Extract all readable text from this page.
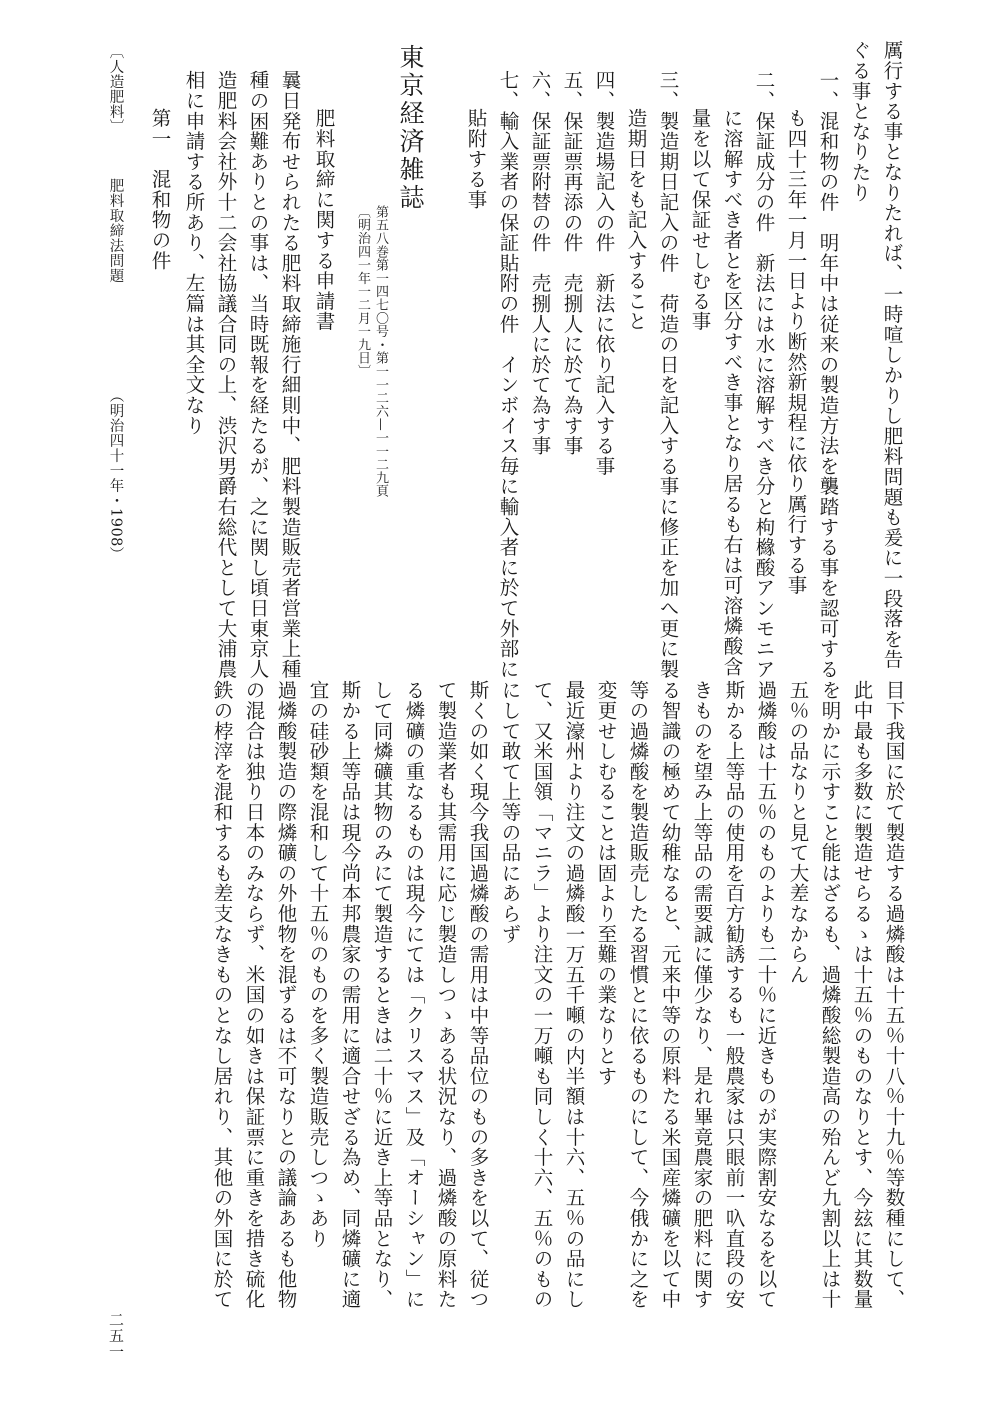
厲行する事となりたれば、一時喧しかりし肥料問題も爰に一段落を告
ぐる事となりたり
一、混和物の件　明年中は従来の製造方法を襲踏する事を認可する
も四十三年一月一日より断然新規程に依り厲行する事
二、保証成分の件　新法には水に溶解すべき分と枸櫞酸アンモニア
に溶解すべき者とを区分すべき事となり居るも右は可溶燐酸含
量を以て保証せしむる事
三、製造期日記入の件　荷造の日を記入する事に修正を加へ更に製
造期日をも記入すること
四、製造場記入の件　新法に依り記入する事
五、保証票再添の件　売捌人に於て為す事
六、保証票附替の件　売捌人に於て為す事
七、輸入業者の保証貼附の件　インボイス毎に輸入者に於て外部に
貼附する事
東京経済雑誌
第五八巻第一四七〇号・第一一二六—一一二九頁
〔明治四一年一二月一九日〕
肥料取締に関する申請書
曩日発布せられたる肥料取締施行細則中、肥料製造販売者営業上種
種の困難ありとの事は、当時既報を経たるが、之に関し頃日東京人
造肥料会社外十二会社協議合同の上、渋沢男爵右総代として大浦農
相に申請する所あり、左篇は其全文なり
第一　混和物の件
〔人造肥料〕
肥料取締法問題
（明治四十一年・1908）
目下我国に於て製造する過燐酸は十五％十八％十九％等数種にして、
此中最も多数に製造せらるゝは十五％のものなりとす、今玆に其数量
を明かに示すこと能はざるも、過燐酸総製造高の殆んど九割以上は十
五％の品なりと見て大差なからん
過燐酸は十五％のものよりも二十％に近きものが実際割安なるを以て
斯かる上等品の使用を百方勧誘するも一般農家は只眼前一叺直段の安
きものを望み上等品の需要誠に僅少なり、是れ畢竟農家の肥料に関す
る智識の極めて幼稚なると、元来中等の原料たる米国産燐礦を以て中
等の過燐酸を製造販売したる習慣とに依るものにして、今俄かに之を
変更せしむることは固より至難の業なりとす
最近濠州より注文の過燐酸一万五千噸の内半額は十六、五％の品にし
て、又米国領「マニラ」より注文の一万噸も同しく十六、五％のもの
にして敢て上等の品にあらず
斯くの如く現今我国過燐酸の需用は中等品位のもの多きを以て、従つ
て製造業者も其需用に応じ製造しつゝある状況なり、過燐酸の原料た
る燐礦の重なるものは現今にては「クリスマス」及「オーシャン」に
して同燐礦其物のみにて製造するときは二十％に近き上等品となり、
斯かる上等品は現今尚本邦農家の需用に適合せざる為め、同燐礦に適
宜の硅砂類を混和して十五％のものを多く製造販売しつゝあり
過燐酸製造の際燐礦の外他物を混ずるは不可なりとの議論あるも他物
の混合は独り日本のみならず、米国の如きは保証票に重きを措き硫化
鉄の桲滓を混和するも差支なきものとなし居れり、其他の外国に於て
二五一
